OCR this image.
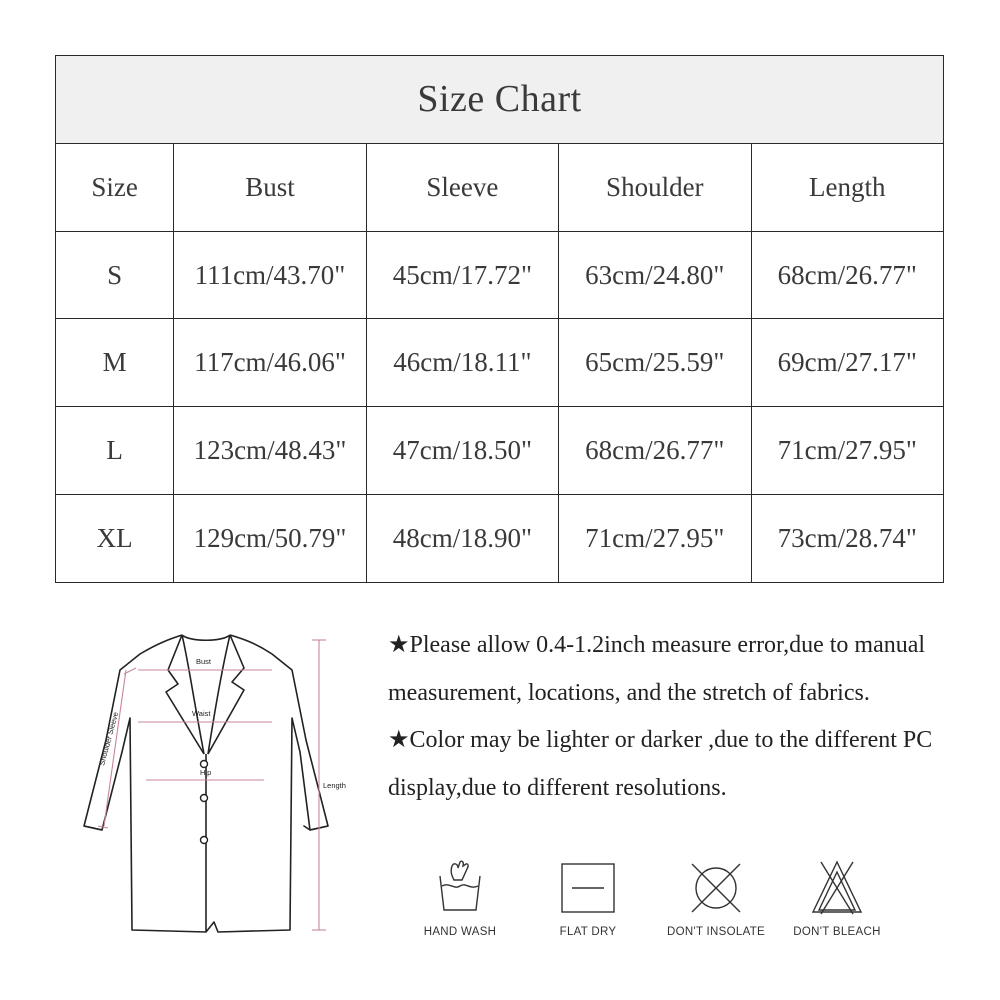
Size Chart				
Size	Bust	Sleeve	Shoulder	Length
S	111cm/43.70"	45cm/17.72"	63cm/24.80"	68cm/26.77"
M	117cm/46.06"	46cm/18.11"	65cm/25.59"	69cm/27.17"
L	123cm/48.43"	47cm/18.50"	68cm/26.77"	71cm/27.95"
XL	129cm/50.79"	48cm/18.90"	71cm/27.95"	73cm/28.74"
Bust
Waist
Hip
Length
Shoulder Sleeve

★Please allow 0.4-1.2inch measure error,due to manual measurement, locations, and the stretch of fabrics.

★Color may be lighter or darker ,due to the different PC display,due to different resolutions.

HAND WASH	FLAT DRY	DON'T INSOLATE	DON'T BLEACH
